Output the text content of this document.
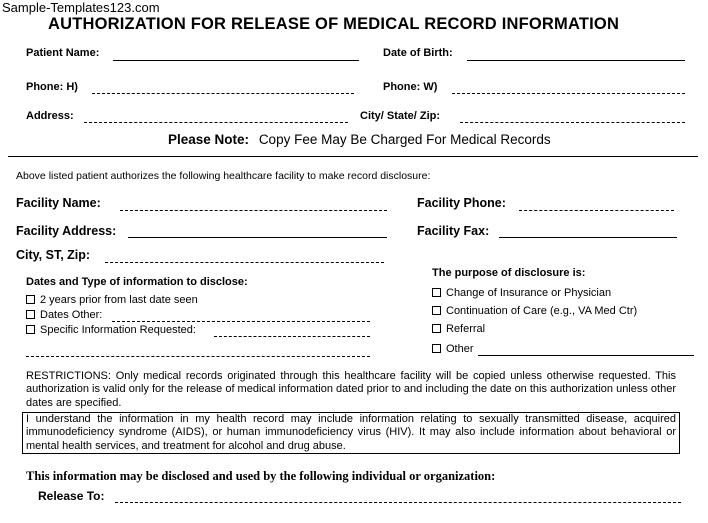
Sample-Templates123.com
AUTHORIZATION FOR RELEASE OF MEDICAL RECORD INFORMATION
Patient Name:	Date of Birth:
Phone: H)	Phone: W)
Address:	City/ State/ Zip:
Please Note: Copy Fee May Be Charged For Medical Records
Above listed patient authorizes the following healthcare facility to make record disclosure:
Facility Name:	Facility Phone:
Facility Address:	Facility Fax:
City, ST, Zip:
Dates and Type of information to disclose:
2 years prior from last date seen
Dates Other:
Specific Information Requested:
The purpose of disclosure is:
Change of Insurance or Physician
Continuation of Care (e.g., VA Med Ctr)
Referral
Other
RESTRICTIONS: Only medical records originated through this healthcare facility will be copied unless otherwise requested. This authorization is valid only for the release of medical information dated prior to and including the date on this authorization unless other dates are specified.
I understand the information in my health record may include information relating to sexually transmitted disease, acquired immunodeficiency syndrome (AIDS), or human immunodeficiency virus (HIV). It may also include information about behavioral or mental health services, and treatment for alcohol and drug abuse.
This information may be disclosed and used by the following individual or organization:
Release To:
